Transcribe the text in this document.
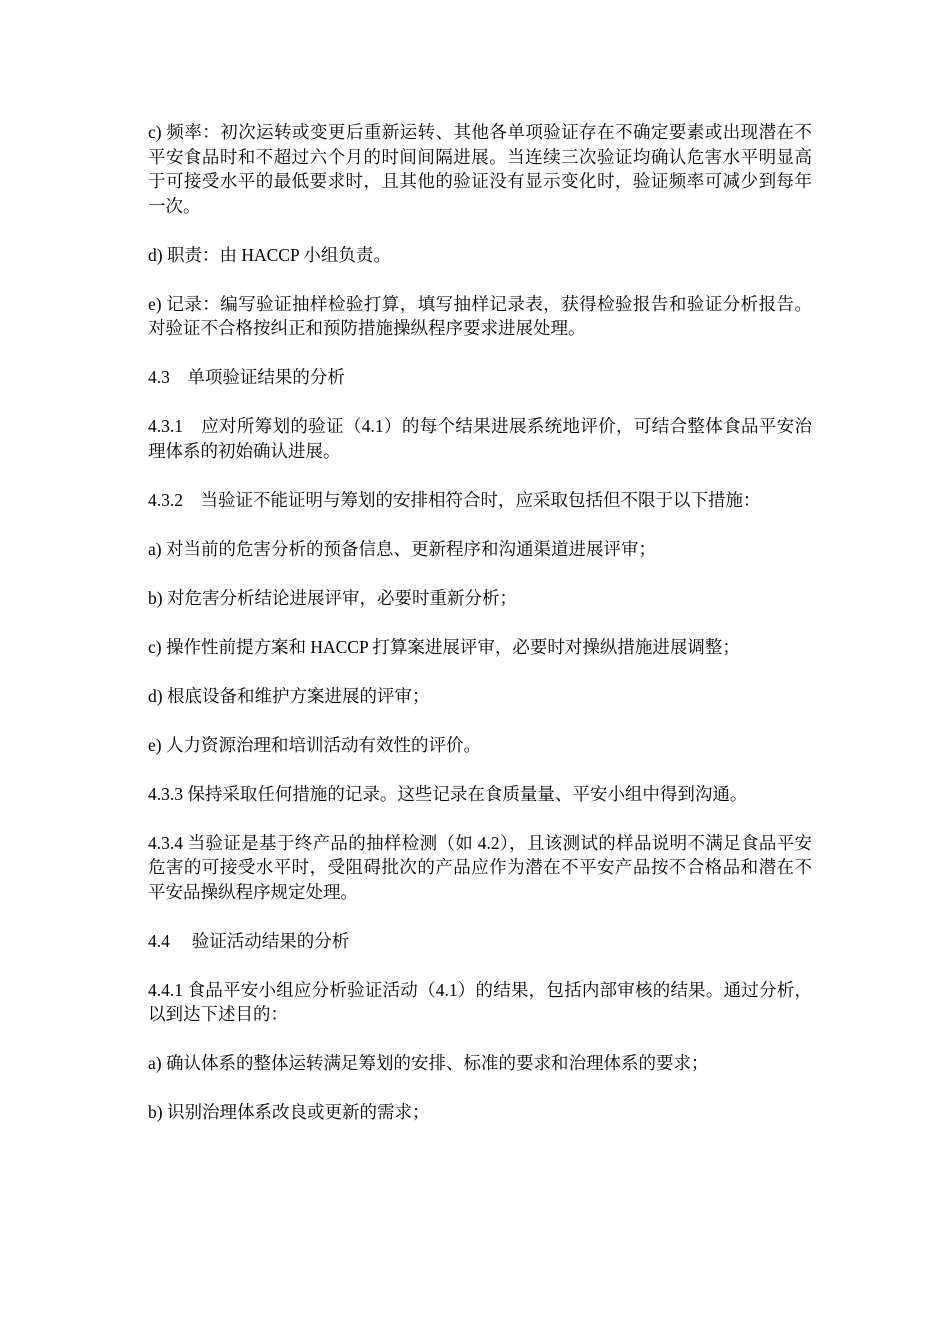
c) 频率：初次运转或变更后重新运转、其他各单项验证存在不确定要素或出现潜在不平安食品时和不超过六个月的时间间隔进展。当连续三次验证均确认危害水平明显高于可接受水平的最低要求时，且其他的验证没有显示变化时，验证频率可减少到每年一次。

d) 职责：由 HACCP 小组负责。

e) 记录：编写验证抽样检验打算，填写抽样记录表，获得检验报告和验证分析报告。对验证不合格按纠正和预防措施操纵程序要求进展处理。

4.3　单项验证结果的分析

4.3.1　应对所筹划的验证（4.1）的每个结果进展系统地评价，可结合整体食品平安治理体系的初始确认进展。

4.3.2　当验证不能证明与筹划的安排相符合时，应采取包括但不限于以下措施：

a) 对当前的危害分析的预备信息、更新程序和沟通渠道进展评审；

b) 对危害分析结论进展评审，必要时重新分析；

c) 操作性前提方案和 HACCP 打算案进展评审，必要时对操纵措施进展调整；

d) 根底设备和维护方案进展的评审；

e) 人力资源治理和培训活动有效性的评价。

4.3.3 保持采取任何措施的记录。这些记录在食质量量、平安小组中得到沟通。

4.3.4 当验证是基于终产品的抽样检测（如 4.2），且该测试的样品说明不满足食品平安危害的可接受水平时，受阻碍批次的产品应作为潜在不平安产品按不合格品和潜在不平安品操纵程序规定处理。

4.4　 验证活动结果的分析

4.4.1 食品平安小组应分析验证活动（4.1）的结果，包括内部审核的结果。通过分析，以到达下述目的：

a) 确认体系的整体运转满足筹划的安排、标准的要求和治理体系的要求；

b) 识别治理体系改良或更新的需求；
